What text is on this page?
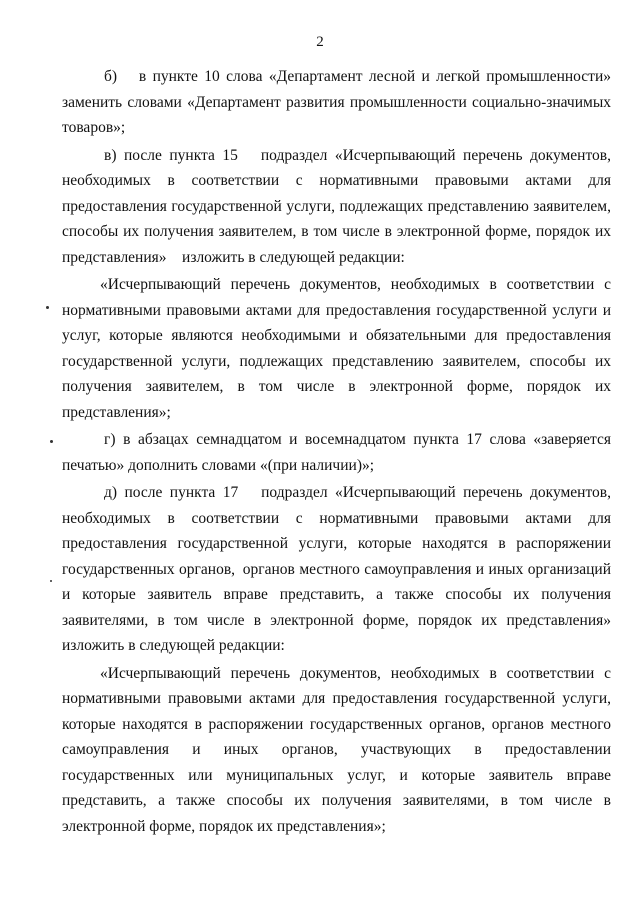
2

б)  в пункте 10 слова «Департамент лесной и легкой промышленности» заменить словами «Департамент развития промышленности социально-значимых товаров»;

в) после пункта 15  подраздел «Исчерпывающий перечень документов, необходимых в соответствии с нормативными правовыми актами для предоставления государственной услуги, подлежащих представлению заявителем, способы их получения заявителем, в том числе в электронной форме, порядок их представления» изложить в следующей редакции:

«Исчерпывающий перечень документов, необходимых в соответствии с нормативными правовыми актами для предоставления государственной услуги и услуг, которые являются необходимыми и обязательными для предоставления государственной услуги, подлежащих представлению заявителем, способы их получения заявителем, в том числе в электронной форме, порядок их представления»;

г) в абзацах семнадцатом и восемнадцатом пункта 17 слова «заверяется печатью» дополнить словами «(при наличии)»;

д) после пункта 17  подраздел «Исчерпывающий перечень документов, необходимых в соответствии с нормативными правовыми актами для предоставления государственной услуги, которые находятся в распоряжении государственных органов, органов местного самоуправления и иных организаций и которые заявитель вправе представить, а также способы их получения заявителями, в том числе в электронной форме, порядок их представления» изложить в следующей редакции:

«Исчерпывающий перечень документов, необходимых в соответствии с нормативными правовыми актами для предоставления государственной услуги, которые находятся в распоряжении государственных органов, органов местного самоуправления и иных органов, участвующих в предоставлении государственных или муниципальных услуг, и которые заявитель вправе представить, а также способы их получения заявителями, в том числе в электронной форме, порядок их представления»;
